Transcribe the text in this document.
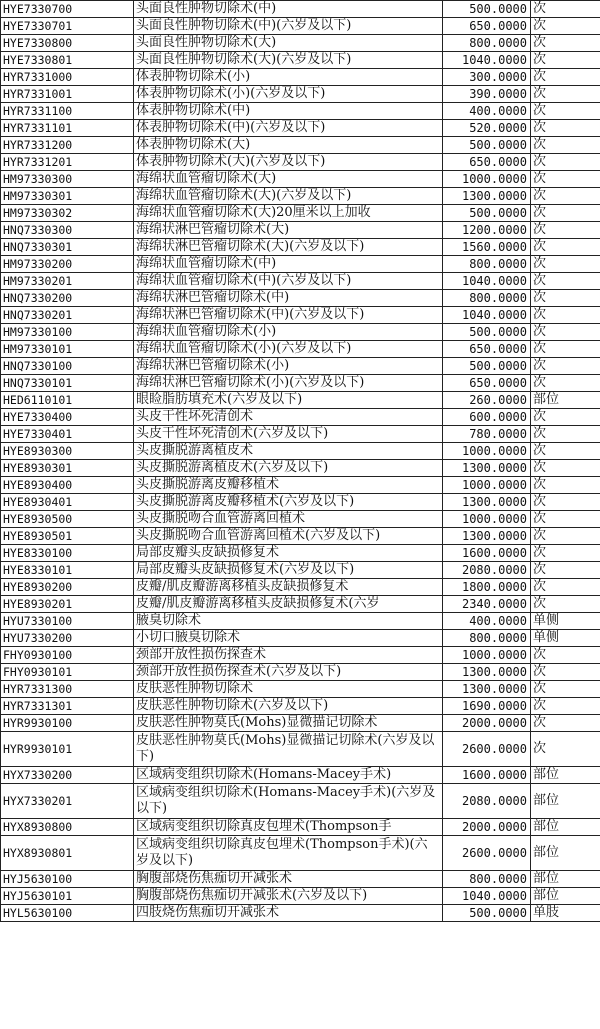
HYE7330700	头面良性肿物切除术(中)	500.0000	次
HYE7330701	头面良性肿物切除术(中)(六岁及以下)	650.0000	次
HYE7330800	头面良性肿物切除术(大)	800.0000	次
HYE7330801	头面良性肿物切除术(大)(六岁及以下)	1040.0000	次
HYR7331000	体表肿物切除术(小)	300.0000	次
HYR7331001	体表肿物切除术(小)(六岁及以下)	390.0000	次
HYR7331100	体表肿物切除术(中)	400.0000	次
HYR7331101	体表肿物切除术(中)(六岁及以下)	520.0000	次
HYR7331200	体表肿物切除术(大)	500.0000	次
HYR7331201	体表肿物切除术(大)(六岁及以下)	650.0000	次
HM97330300	海绵状血管瘤切除术(大)	1000.0000	次
HM97330301	海绵状血管瘤切除术(大)(六岁及以下)	1300.0000	次
HM97330302	海绵状血管瘤切除术(大)20厘米以上加收	500.0000	次
HNQ7330300	海绵状淋巴管瘤切除术(大)	1200.0000	次
HNQ7330301	海绵状淋巴管瘤切除术(大)(六岁及以下)	1560.0000	次
HM97330200	海绵状血管瘤切除术(中)	800.0000	次
HM97330201	海绵状血管瘤切除术(中)(六岁及以下)	1040.0000	次
HNQ7330200	海绵状淋巴管瘤切除术(中)	800.0000	次
HNQ7330201	海绵状淋巴管瘤切除术(中)(六岁及以下)	1040.0000	次
HM97330100	海绵状血管瘤切除术(小)	500.0000	次
HM97330101	海绵状血管瘤切除术(小)(六岁及以下)	650.0000	次
HNQ7330100	海绵状淋巴管瘤切除术(小)	500.0000	次
HNQ7330101	海绵状淋巴管瘤切除术(小)(六岁及以下)	650.0000	次
HED6110101	眼睑脂肪填充术(六岁及以下)	260.0000	部位
HYE7330400	头皮干性坏死清创术	600.0000	次
HYE7330401	头皮干性坏死清创术(六岁及以下)	780.0000	次
HYE8930300	头皮撕脱游离植皮术	1000.0000	次
HYE8930301	头皮撕脱游离植皮术(六岁及以下)	1300.0000	次
HYE8930400	头皮撕脱游离皮瓣移植术	1000.0000	次
HYE8930401	头皮撕脱游离皮瓣移植术(六岁及以下)	1300.0000	次
HYE8930500	头皮撕脱吻合血管游离回植术	1000.0000	次
HYE8930501	头皮撕脱吻合血管游离回植术(六岁及以下)	1300.0000	次
HYE8330100	局部皮瓣头皮缺损修复术	1600.0000	次
HYE8330101	局部皮瓣头皮缺损修复术(六岁及以下)	2080.0000	次
HYE8930200	皮瓣/肌皮瓣游离移植头皮缺损修复术	1800.0000	次
HYE8930201	皮瓣/肌皮瓣游离移植头皮缺损修复术(六岁	2340.0000	次
HYU7330100	腋臭切除术	400.0000	单侧
HYU7330200	小切口腋臭切除术	800.0000	单侧
FHY0930100	颈部开放性损伤探查术	1000.0000	次
FHY0930101	颈部开放性损伤探查术(六岁及以下)	1300.0000	次
HYR7331300	皮肤恶性肿物切除术	1300.0000	次
HYR7331301	皮肤恶性肿物切除术(六岁及以下)	1690.0000	次
HYR9930100	皮肤恶性肿物莫氏(Mohs)显微描记切除术	2000.0000	次
HYR9930101	皮肤恶性肿物莫氏(Mohs)显微描记切除术(六岁及以下)	2600.0000	次
HYX7330200	区域病变组织切除术(Homans-Macey手术)	1600.0000	部位
HYX7330201	区域病变组织切除术(Homans-Macey手术)(六岁及以下)	2080.0000	部位
HYX8930800	区域病变组织切除真皮包埋术(Thompson手	2000.0000	部位
HYX8930801	区域病变组织切除真皮包埋术(Thompson手术)(六岁及以下)	2600.0000	部位
HYJ5630100	胸腹部烧伤焦痂切开减张术	800.0000	部位
HYJ5630101	胸腹部烧伤焦痂切开减张术(六岁及以下)	1040.0000	部位
HYL5630100	四肢烧伤焦痂切开减张术	500.0000	单肢
